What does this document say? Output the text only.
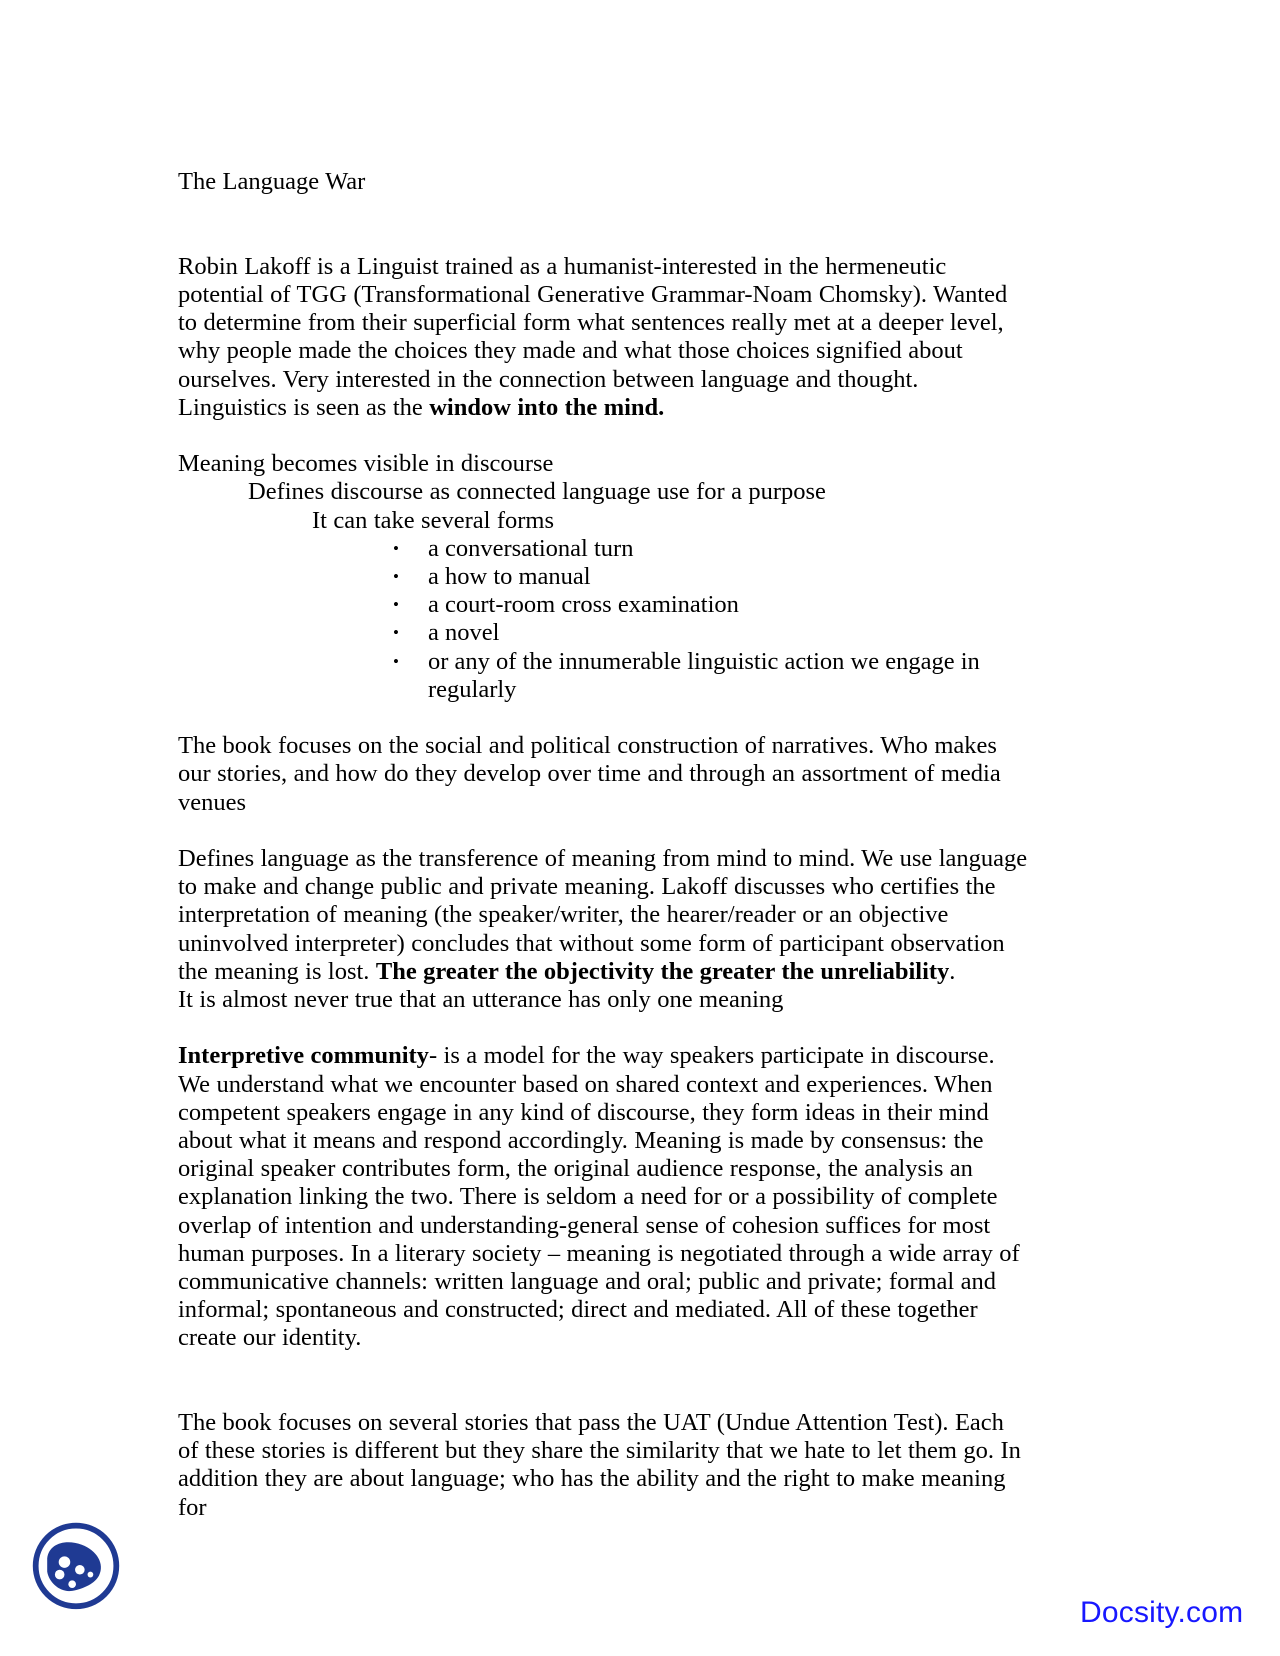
The Language War

Robin Lakoff is a Linguist trained as a humanist-interested in the hermeneutic potential of TGG (Transformational Generative Grammar-Noam Chomsky). Wanted to determine from their superficial form what sentences really met at a deeper level, why people made the choices they made and what those choices signified about ourselves. Very interested in the connection between language and thought. Linguistics is seen as the window into the mind.

Meaning becomes visible in discourse
Defines discourse as connected language use for a purpose
It can take several forms
• a conversational turn
• a how to manual
• a court-room cross examination
• a novel
• or any of the innumerable linguistic action we engage in regularly

The book focuses on the social and political construction of narratives. Who makes our stories, and how do they develop over time and through an assortment of media venues

Defines language as the transference of meaning from mind to mind. We use language to make and change public and private meaning. Lakoff discusses who certifies the interpretation of meaning (the speaker/writer, the hearer/reader or an objective uninvolved interpreter) concludes that without some form of participant observation the meaning is lost. The greater the objectivity the greater the unreliability.

It is almost never true that an utterance has only one meaning

Interpretive community- is a model for the way speakers participate in discourse. We understand what we encounter based on shared context and experiences. When competent speakers engage in any kind of discourse, they form ideas in their mind about what it means and respond accordingly. Meaning is made by consensus: the original speaker contributes form, the original audience response, the analysis an explanation linking the two. There is seldom a need for or a possibility of complete overlap of intention and understanding-general sense of cohesion suffices for most human purposes. In a literary society – meaning is negotiated through a wide array of communicative channels: written language and oral; public and private; formal and informal; spontaneous and constructed; direct and mediated. All of these together create our identity.

The book focuses on several stories that pass the UAT (Undue Attention Test). Each of these stories is different but they share the similarity that we hate to let them go. In addition they are about language; who has the ability and the right to make meaning for

Docsity.com
